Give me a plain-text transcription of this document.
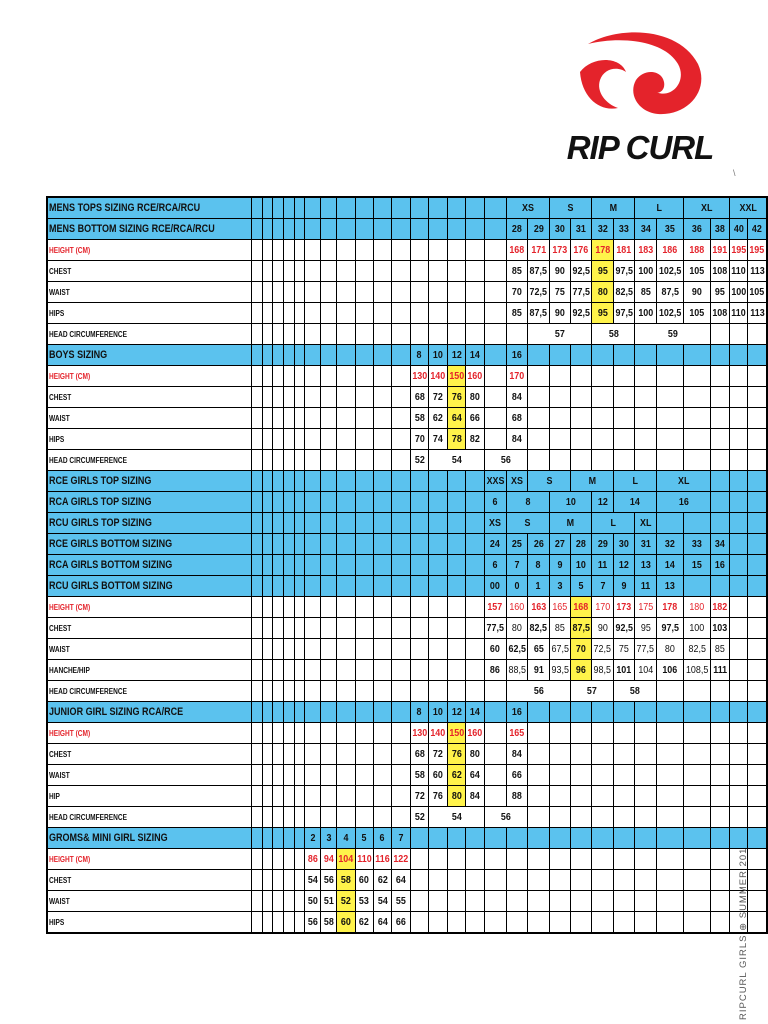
RIP CURL
\
MENS TOPS SIZING RCE/RCA/RCU																	XS		S		M		L		XL		XXL	
MENS BOTTOM SIZING RCE/RCA/RCU																	28	29	30	31	32	33	34	35	36	38	40	42
HEIGHT (CM)																	168	171	173	176	178	181	183	186	188	191	195	195
CHEST																	85	87,5	90	92,5	95	97,5	100	102,5	105	108	110	113
WAIST																	70	72,5	75	77,5	80	82,5	85	87,5	90	95	100	105
HIPS																	85	87,5	90	92,5	95	97,5	100	102,5	105	108	110	113
HEAD CIRCUMFERENCE																		57			58		59					
BOYS SIZING												8	10	12	14		16											
HEIGHT (CM)												130	140	150	160		170											
CHEST												68	72	76	80		84											
WAIST												58	62	64	66		68											
HIPS												70	74	78	82		84											
HEAD CIRCUMFERENCE												52	54			56												
RCE GIRLS TOP SIZING																XXS	XS	S		M		L		XL				
RCA GIRLS TOP SIZING																6	8		10		12	14		16				
RCU GIRLS TOP SIZING																XS	S		M		L		XL					
RCE GIRLS BOTTOM SIZING																24	25	26	27	28	29	30	31	32	33	34		
RCA GIRLS BOTTOM SIZING																6	7	8	9	10	11	12	13	14	15	16		
RCU GIRLS BOTTOM SIZING																00	0	1	3	5	7	9	11	13				
HEIGHT (CM)																157	160	163	165	168	170	173	175	178	180	182		
CHEST																77,5	80	82,5	85	87,5	90	92,5	95	97,5	100	103		
WAIST																60	62,5	65	67,5	70	72,5	75	77,5	80	82,5	85		
HANCHE/HIP																86	88,5	91	93,5	96	98,5	101	104	106	108,5	111		
HEAD CIRCUMFERENCE																	56			57		58						
JUNIOR GIRL SIZING RCA/RCE												8	10	12	14		16											
HEIGHT (CM)												130	140	150	160		165											
CHEST												68	72	76	80		84											
WAIST												58	60	62	64		66											
HIP												72	76	80	84		88											
HEAD CIRCUMFERENCE												52	54			56												
GROMS& MINI GIRL SIZING						2	3	4	5	6	7																	
HEIGHT (CM)						86	94	104	110	116	122																	
CHEST						54	56	58	60	62	64																	
WAIST						50	51	52	53	54	55																	
HIPS						56	58	60	62	64	66																		RIPCURL GIRLS ⊕ SUMMER 201
